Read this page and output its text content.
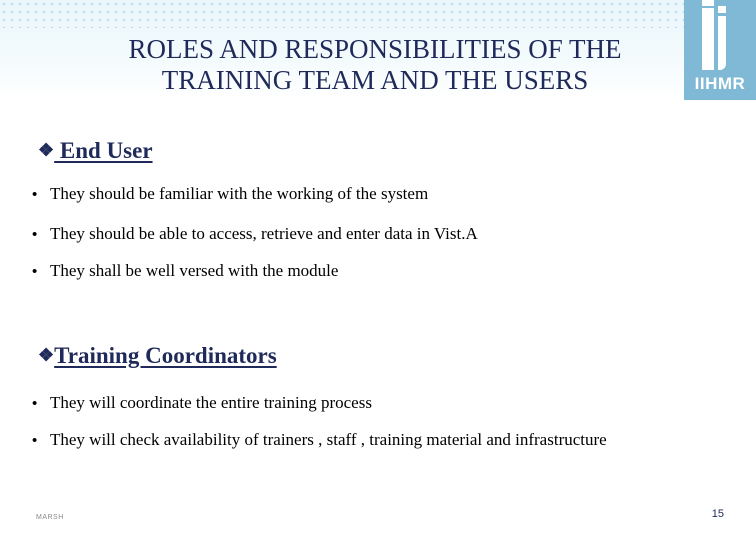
ROLES AND RESPONSIBILITIES OF THE
TRAINING TEAM AND THE USERS	IIHMR
❖ End User
• They should be familiar with the working of the system
• They should be able to access, retrieve and enter data in Vist.A
• They shall be well versed with the module
❖Training Coordinators
• They will coordinate the entire training process
• They will check availability of trainers , staff , training material and infrastructure
MARSH	15
